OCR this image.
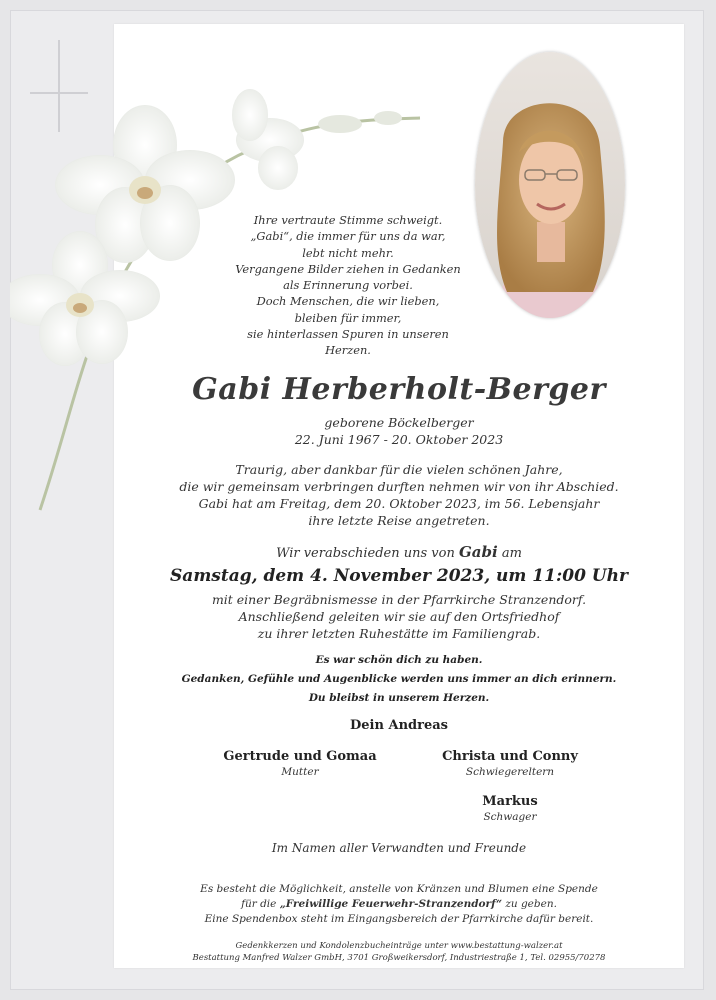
Ihre vertraute Stimme schweigt.
„Gabi“, die immer für uns da war,
lebt nicht mehr.
Vergangene Bilder ziehen in Gedanken
als Erinnerung vorbei.
Doch Menschen, die wir lieben,
bleiben für immer,
sie hinterlassen Spuren in unseren Herzen.
Gabi Herberholt-Berger
geborene Böckelberger
22. Juni 1967 - 20. Oktober 2023
Traurig, aber dankbar für die vielen schönen Jahre,
die wir gemeinsam verbringen durften nehmen wir von ihr Abschied.
Gabi hat am Freitag, dem 20. Oktober 2023, im 56. Lebensjahr
ihre letzte Reise angetreten.
Wir verabschieden uns von Gabi am
Samstag, dem 4. November 2023, um 11:00 Uhr
mit einer Begräbnismesse in der Pfarrkirche Stranzendorf.
Anschließend geleiten wir sie auf den Ortsfriedhof
zu ihrer letzten Ruhestätte im Familiengrab.
Es war schön dich zu haben.
Gedanken, Gefühle und Augenblicke werden uns immer an dich erinnern.
Du bleibst in unserem Herzen.
Dein Andreas
Gertrude und Gomaa
Mutter
Christa und Conny
Schwiegereltern
Markus
Schwager
Im Namen aller Verwandten und Freunde
Es besteht die Möglichkeit, anstelle von Kränzen und Blumen eine Spende
für die „Freiwillige Feuerwehr-Stranzendorf“ zu geben.
Eine Spendenbox steht im Eingangsbereich der Pfarrkirche dafür bereit.
Gedenkkerzen und Kondolenzbucheinträge unter www.bestattung-walzer.at
Bestattung Manfred Walzer GmbH, 3701 Großweikersdorf, Industriestraße 1, Tel. 02955/70278
